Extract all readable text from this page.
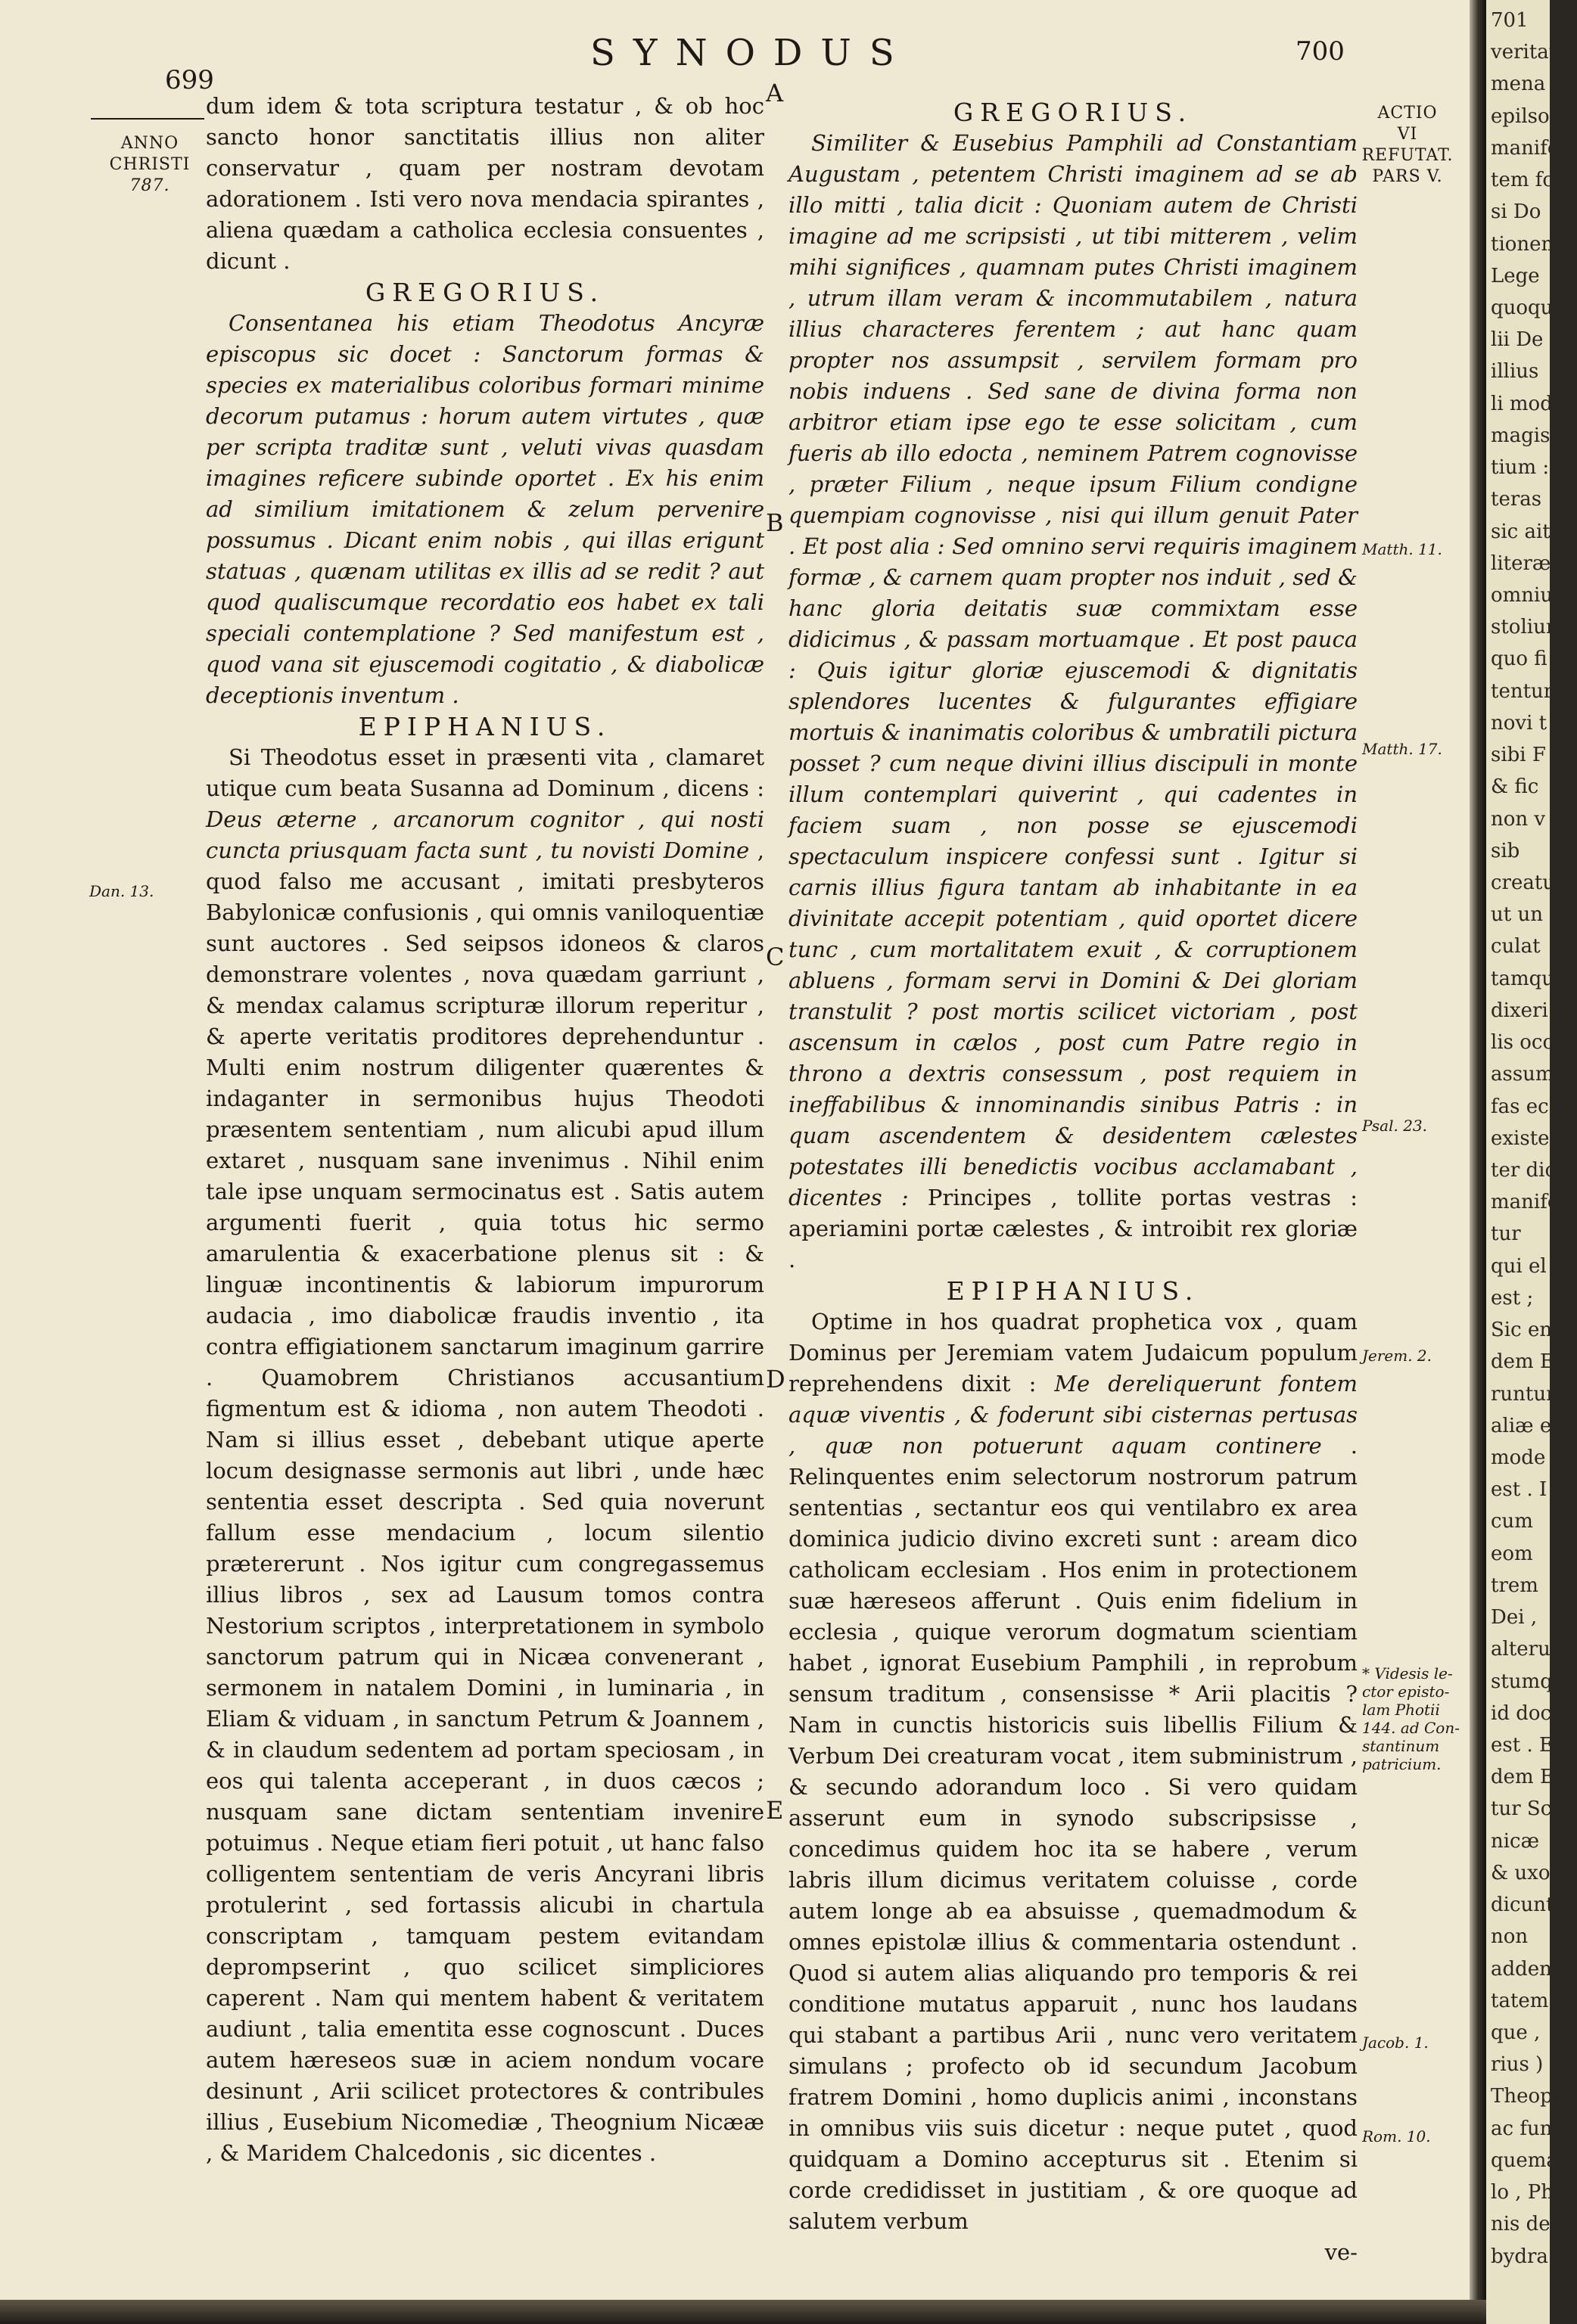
699
SYNODUS	700
ANNO
CHRISTI
787.
ACTIO
VI
REFUTAT.
PARS V.

dum idem & tota scriptura testatur , & ob hoc sancto honor sanctitatis illius non aliter conservatur , quam per nostram devotam adorationem . Isti vero nova mendacia spirantes , aliena quædam a catholica ecclesia consuentes , dicunt .

GREGORIUS.

Consentanea his etiam Theodotus Ancyræ episcopus sic docet : Sanctorum formas & species ex materialibus coloribus formari minime decorum putamus : horum autem virtutes , quæ per scripta traditæ sunt , veluti vivas quasdam imagines reficere subinde oportet . Ex his enim ad similium imitationem & zelum pervenire possumus . Dicant enim nobis , qui illas erigunt statuas , quænam utilitas ex illis ad se redit ? aut quod qualiscumque recordatio eos habet ex tali speciali contemplatione ? Sed manifestum est , quod vana sit ejuscemodi cogitatio , & diabolicæ deceptionis inventum .

EPIPHANIUS.

Si Theodotus esset in præsenti vita , clamaret utique cum beata Susanna ad Dominum , dicens : Deus æterne , arcanorum cognitor , qui nosti cuncta priusquam facta sunt , tu novisti Domine , quod falso me accusant , imitati presbyteros Babylonicæ confusionis , qui omnis vaniloquentiæ sunt auctores . Sed seipsos idoneos & claros demonstrare volentes , nova quædam garriunt , & mendax calamus scripturæ illorum reperitur , & aperte veritatis proditores deprehenduntur . Multi enim nostrum diligenter quærentes & indaganter in sermonibus hujus Theodoti præsentem sententiam , num alicubi apud illum extaret , nusquam sane invenimus . Nihil enim tale ipse unquam sermocinatus est . Satis autem argumenti fuerit , quia totus hic sermo amarulentia & exacerbatione plenus sit : & linguæ incontinentis & labiorum impurorum audacia , imo diabolicæ fraudis inventio , ita contra effigiationem sanctarum imaginum garrire . Quamobrem Christianos accusantium figmentum est & idioma , non autem Theodoti . Nam si illius esset , debebant utique aperte locum designasse sermonis aut libri , unde hæc sententia esset descripta . Sed quia noverunt fallum esse mendacium , locum silentio prætererunt . Nos igitur cum congregassemus illius libros , sex ad Lausum tomos contra Nestorium scriptos , interpretationem in symbolo sanctorum patrum qui in Nicæa convenerant , sermonem in natalem Domini , in luminaria , in Eliam & viduam , in sanctum Petrum & Joannem , & in claudum sedentem ad portam speciosam , in eos qui talenta acceperant , in duos cæcos ; nusquam sane dictam sententiam invenire potuimus . Neque etiam fieri potuit , ut hanc falso colligentem sententiam de veris Ancyrani libris protulerint , sed fortassis alicubi in chartula conscriptam , tamquam pestem evitandam deprompserint , quo scilicet simpliciores caperent . Nam qui mentem habent & veritatem audiunt , talia ementita esse cognoscunt . Duces autem hæreseos suæ in aciem nondum vocare desinunt , Arii scilicet protectores & contribules illius , Eusebium Nicomediæ , Theognium Nicææ , & Maridem Chalcedonis , sic dicentes .

GREGORIUS.

Similiter & Eusebius Pamphili ad Constantiam Augustam , petentem Christi imaginem ad se ab illo mitti , talia dicit : Quoniam autem de Christi imagine ad me scripsisti , ut tibi mitterem , velim mihi significes , quamnam putes Christi imaginem , utrum illam veram & incommutabilem , natura illius characteres ferentem ; aut hanc quam propter nos assumpsit , servilem formam pro nobis induens . Sed sane de divina forma non arbitror etiam ipse ego te esse solicitam , cum fueris ab illo edocta , neminem Patrem cognovisse , præter Filium , neque ipsum Filium condigne quempiam cognovisse , nisi qui illum genuit Pater . Et post alia : Sed omnino servi requiris imaginem formæ , & carnem quam propter nos induit , sed & hanc gloria deitatis suæ commixtam esse didicimus , & passam mortuamque . Et post pauca : Quis igitur gloriæ ejuscemodi & dignitatis splendores lucentes & fulgurantes effigiare mortuis & inanimatis coloribus & umbratili pictura posset ? cum neque divini illius discipuli in monte illum contemplari quiverint , qui cadentes in faciem suam , non posse se ejuscemodi spectaculum inspicere confessi sunt . Igitur si carnis illius figura tantam ab inhabitante in ea divinitate accepit potentiam , quid oportet dicere tunc , cum mortalitatem exuit , & corruptionem abluens , formam servi in Domini & Dei gloriam transtulit ? post mortis scilicet victoriam , post ascensum in cælos , post cum Patre regio in throno a dextris consessum , post requiem in ineffabilibus & innominandis sinibus Patris : in quam ascendentem & desidentem cælestes potestates illi benedictis vocibus acclamabant , dicentes : Principes , tollite portas vestras : aperiamini portæ cælestes , & introibit rex gloriæ .

EPIPHANIUS.

Optime in hos quadrat prophetica vox , quam Dominus per Jeremiam vatem Judaicum populum reprehendens dixit : Me dereliquerunt fontem aquæ viventis , & foderunt sibi cisternas pertusas , quæ non potuerunt aquam continere . Relinquentes enim selectorum nostrorum patrum sententias , sectantur eos qui ventilabro ex area dominica judicio divino excreti sunt : aream dico catholicam ecclesiam . Hos enim in protectionem suæ hæreseos afferunt . Quis enim fidelium in ecclesia , quique verorum dogmatum scientiam habet , ignorat Eusebium Pamphili , in reprobum sensum traditum , consensisse * Arii placitis ? Nam in cunctis historicis suis libellis Filium & Verbum Dei creaturam vocat , item subministrum , & secundo adorandum loco . Si vero quidam asserunt eum in synodo subscripsisse , concedimus quidem hoc ita se habere , verum labris illum dicimus veritatem coluisse , corde autem longe ab ea absuisse , quemadmodum & omnes epistolæ illius & commentaria ostendunt . Quod si autem alias aliquando pro temporis & rei conditione mutatus apparuit , nunc hos laudans qui stabant a partibus Arii , nunc vero veritatem simulans ; profecto ob id secundum Jacobum fratrem Domini , homo duplicis animi , inconstans in omnibus viis suis dicetur : neque putet , quod quidquam a Domino accepturus sit . Etenim si corde credidisset in justitiam , & ore quoque ad salutem verbum

ve-

A
B
C
D
E
Dan. 13.
Matth. 11.
Matth. 17.
Psal. 23.
Jerem. 2.
* Videsis le-
ctor episto-
lam Photii
144. ad Con-
stantinum
patricium.
Jacob. 1.
Rom. 10.
701
veritat
mena
epilsol
manifest
tem fc
si Do
tionem
Lege
quoque
lii De
illius
li mod
magist
tium :
teras
sic ait
literæ
omniu
stolium
quo fi
tentur
novi t
sibi F
& fic
non v
sib
creatu
ut un
culat
tamqu
dixeri
lis occ
assumo
fas ec
existen
ter dic
manife
tur
qui el
est ;
Sic en
dem E
runtur
aliæ e
mode
est . I
cum
eom
trem
Dei ,
alteru
stumqu
id doc
est . E
dem E
tur Sc
nicæ
& uxo
dicunt
non
addent
tatem
que ,
rius )
Theopa
ac fun
quemac
lo , Ph
nis dei
bydra
